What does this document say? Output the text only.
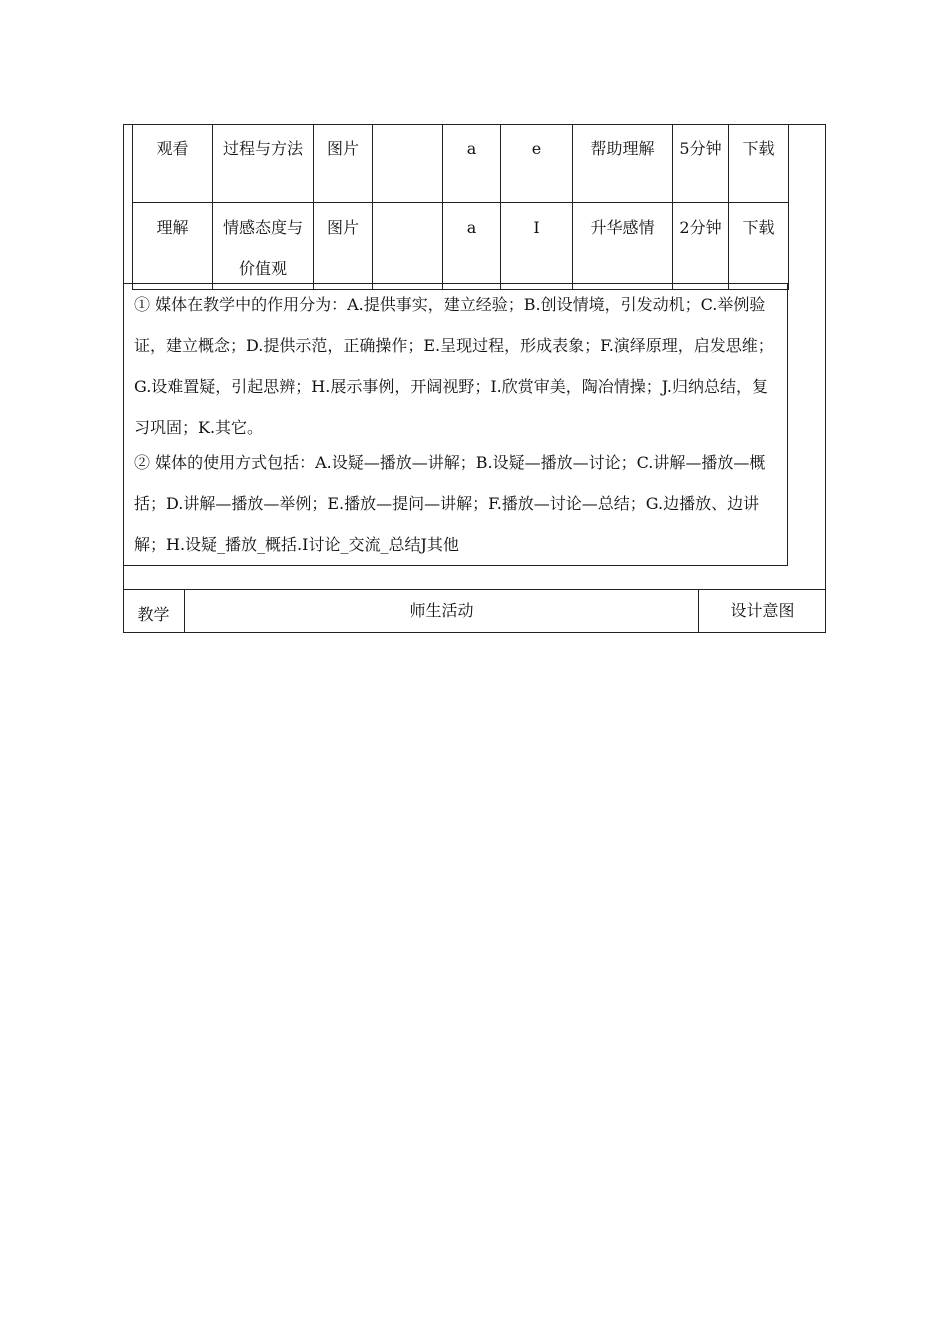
观看	过程与方法	图片		a	e	帮助理解	5分钟	下载
理解	情感态度与价值观	图片		a	I	升华感情	2分钟	下载

① 媒体在教学中的作用分为：A.提供事实，建立经验；B.创设情境，引发动机；C.举例验证，建立概念；D.提供示范，正确操作；E.呈现过程，形成表象；F.演绎原理，启发思维；G.设难置疑，引起思辨；H.展示事例，开阔视野；I.欣赏审美，陶冶情操；J.归纳总结，复习巩固；K.其它。

② 媒体的使用方式包括：A.设疑—播放—讲解；B.设疑—播放—讨论；C.讲解—播放—概括；D.讲解—播放—举例；E.播放—提问—讲解；F.播放—讨论—总结；G.边播放、边讲解；H.设疑_播放_概括.I讨论_交流_总结J其他

教学	师生活动	设计意图
